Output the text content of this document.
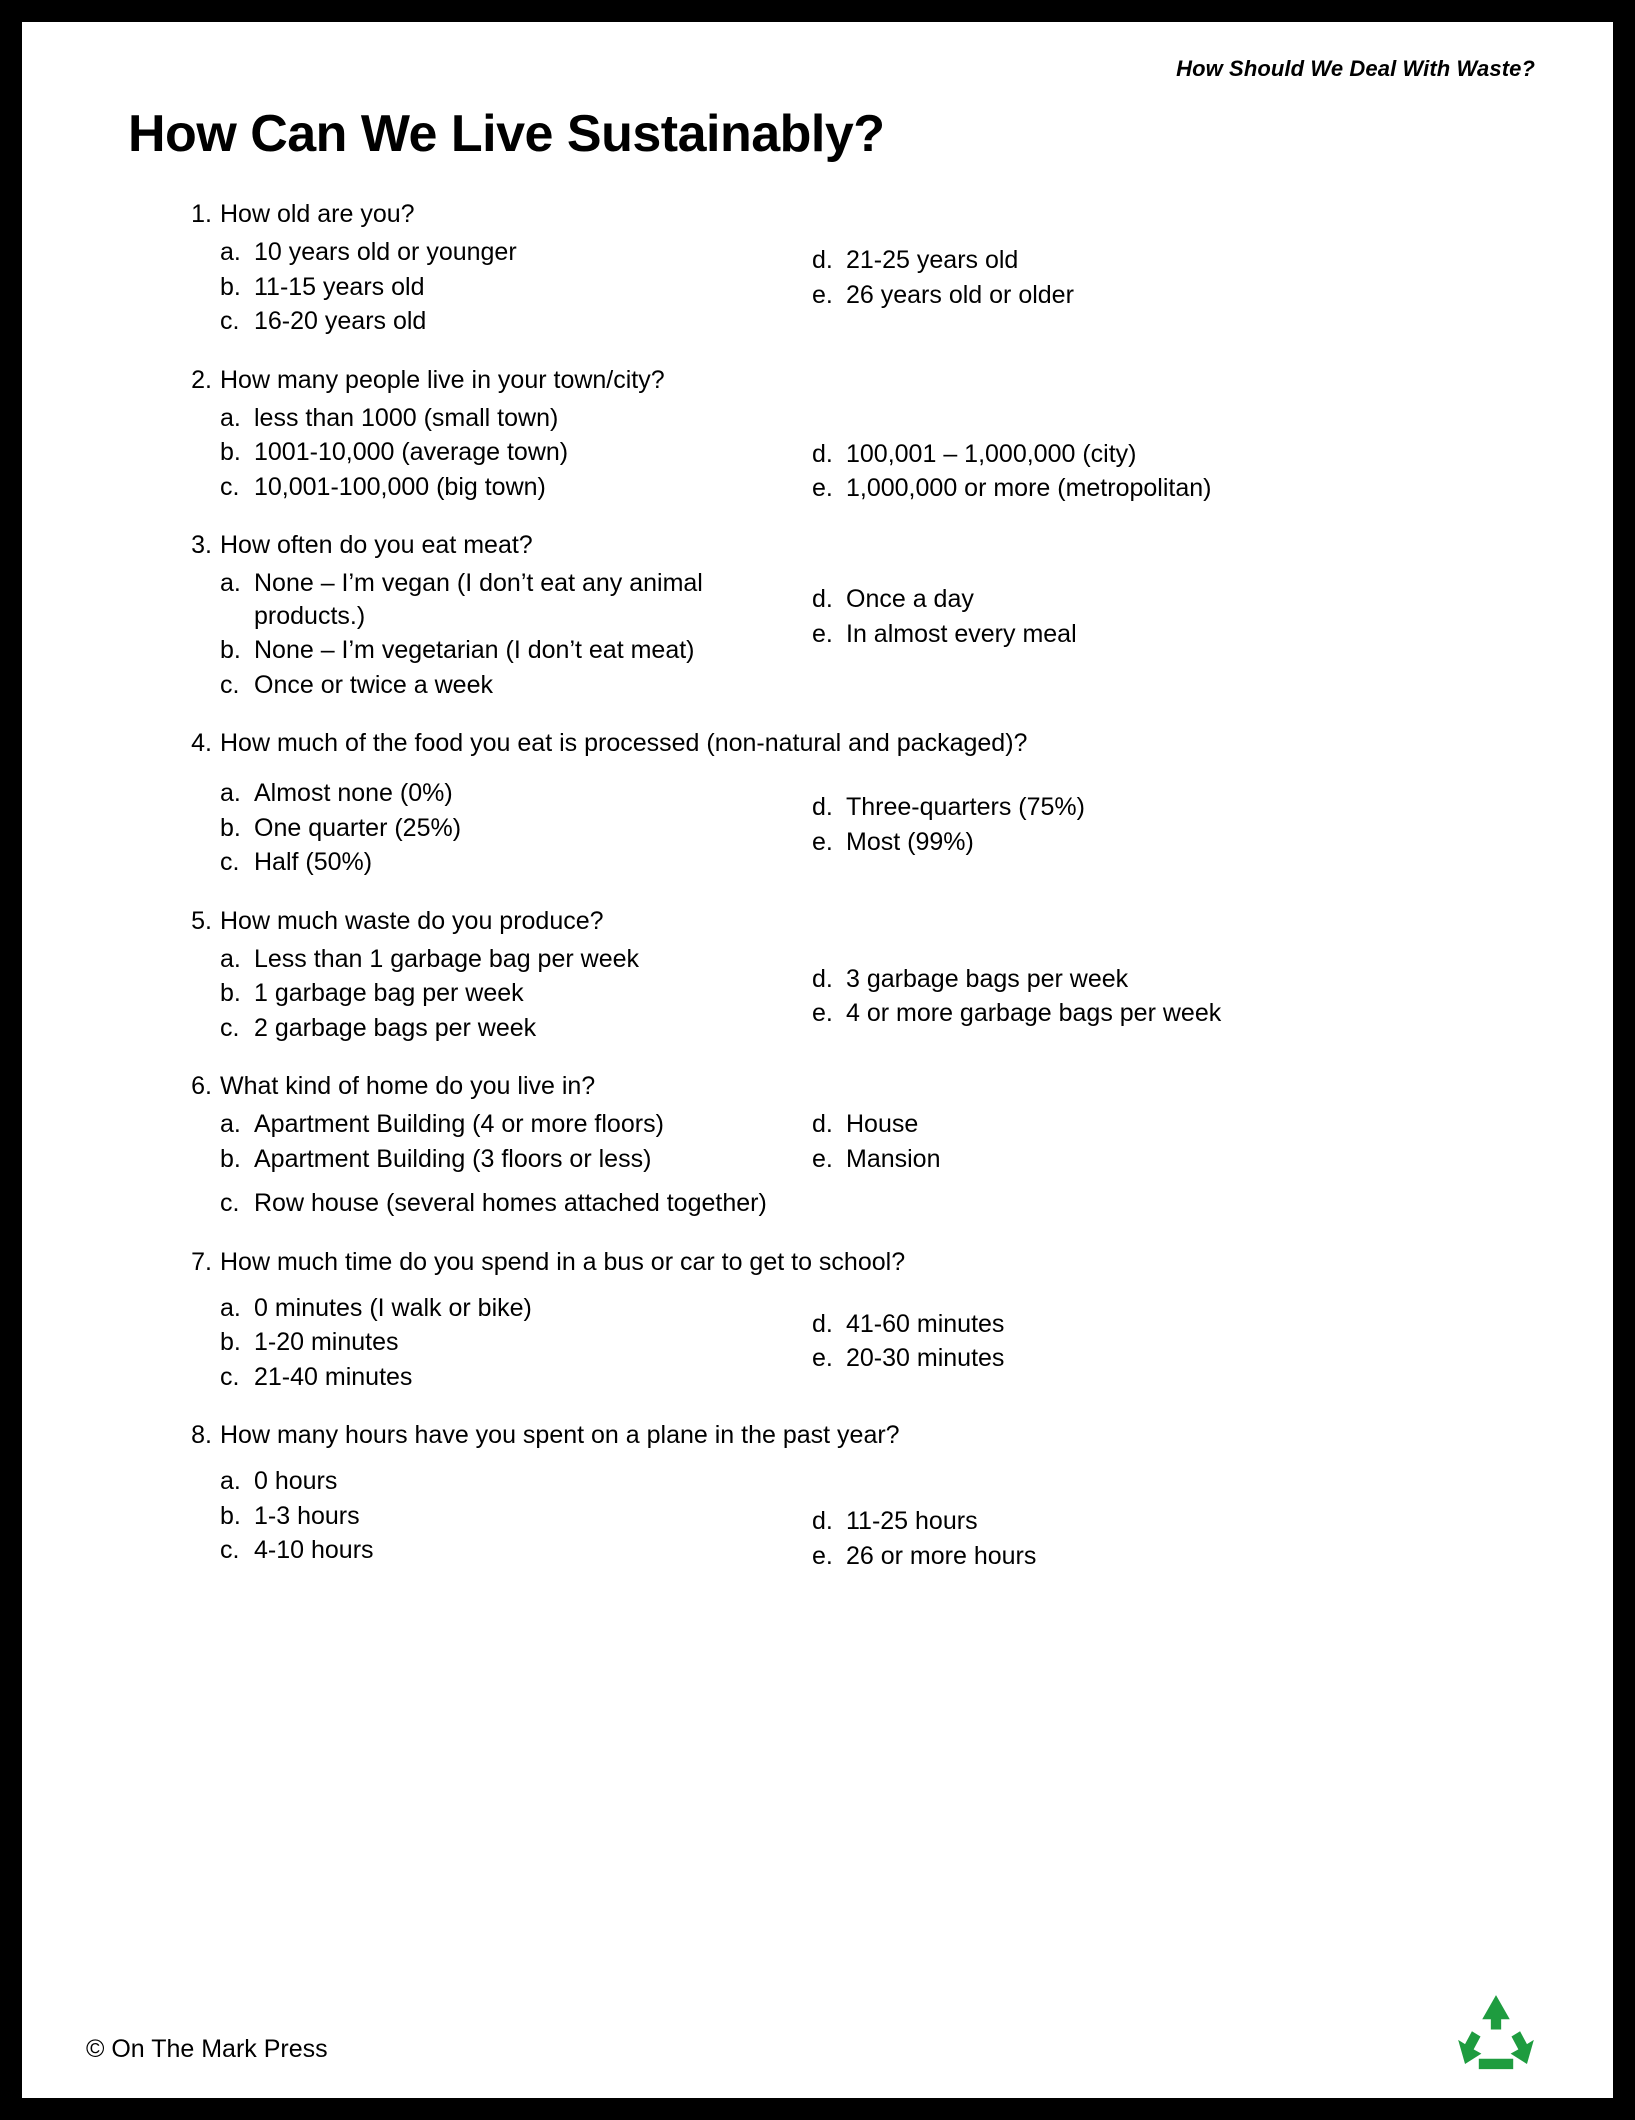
How Should We Deal With Waste?
How Can We Live Sustainably?
1. How old are you?
a. 10 years old or younger
b. 11-15 years old
c. 16-20 years old
d. 21-25 years old
e. 26 years old or older
2. How many people live in your town/city?
a. less than 1000 (small town)
b. 1001-10,000 (average town)
c. 10,001-100,000 (big town)
d. 100,001 – 1,000,000 (city)
e. 1,000,000 or more (metropolitan)
3. How often do you eat meat?
a. None – I’m vegan (I don’t eat any animal products.)
b. None – I’m vegetarian (I don’t eat meat)
c. Once or twice a week
d. Once a day
e. In almost every meal
4. How much of the food you eat is processed (non-natural and packaged)?
a. Almost none (0%)
b. One quarter (25%)
c. Half (50%)
d. Three-quarters (75%)
e. Most (99%)
5. How much waste do you produce?
a. Less than 1 garbage bag per week
b. 1 garbage bag per week
c. 2 garbage bags per week
d. 3 garbage bags per week
e. 4 or more garbage bags per week
6. What kind of home do you live in?
a. Apartment Building (4 or more floors)
b. Apartment Building (3 floors or less)
c. Row house (several homes attached together)
d. House
e. Mansion
7. How much time do you spend in a bus or car to get to school?
a. 0 minutes (I walk or bike)
b. 1-20 minutes
c. 21-40 minutes
d. 41-60 minutes
e. 20-30 minutes
8. How many hours have you spent on a plane in the past year?
a. 0 hours
b. 1-3 hours
c. 4-10 hours
d. 11-25 hours
e. 26 or more hours
© On The Mark Press
